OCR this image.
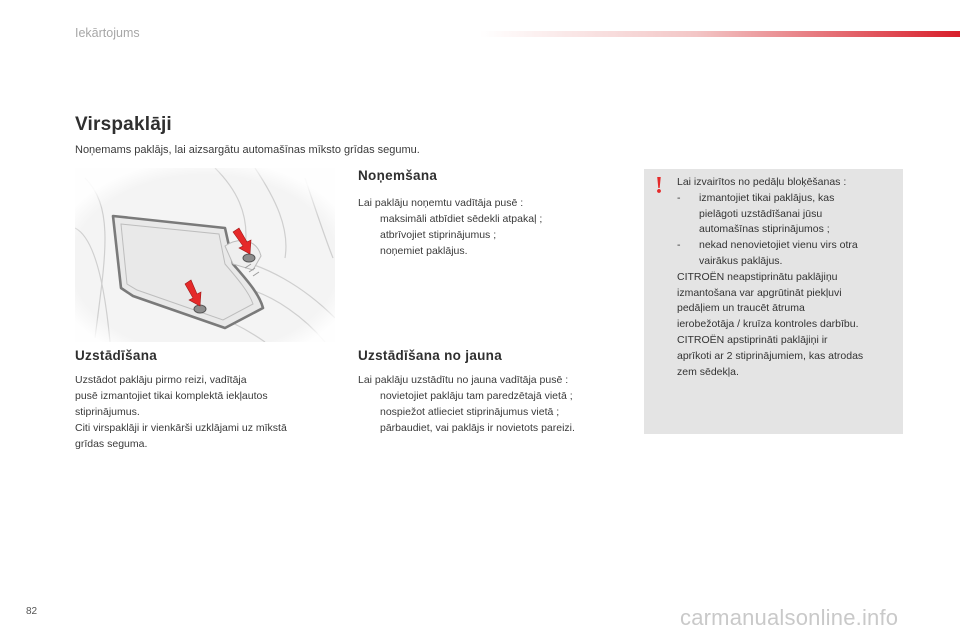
Iekārtojums
Virspaklāji
Noņemams paklājs, lai aizsargātu automašīnas mīksto grīdas segumu.
Noņemšana
Lai paklāju noņemtu vadītāja pusē :
maksimāli atbīdiet sēdekli atpakaļ ;
atbrīvojiet stiprinājumus ;
noņemiet paklājus.
Uzstādīšana
Uzstādot paklāju pirmo reizi, vadītāja
pusē izmantojiet tikai komplektā iekļautos
stiprinājumus.
Citi virspaklāji ir vienkārši uzklājami uz mīkstā
grīdas seguma.
Uzstādīšana no jauna
Lai paklāju uzstādītu no jauna vadītāja pusē :
novietojiet paklāju tam paredzētajā vietā ;
nospiežot atlieciet stiprinājumus vietā ;
pārbaudiet, vai paklājs ir novietots pareizi.
! Lai izvairītos no pedāļu bloķēšanas :
- izmantojiet tikai paklājus, kas
pielāgoti uzstādīšanai jūsu
automašīnas stiprinājumos ;
- nekad nenovietojiet vienu virs otra
vairākus paklājus.
CITROËN neapstiprinātu paklājiņu
izmantošana var apgrūtināt piekļuvi
pedāļiem un traucēt ātruma
ierobežotāja / kruīza kontroles darbību.
CITROËN apstiprināti paklājiņi ir
aprīkoti ar 2 stiprinājumiem, kas atrodas
zem sēdekļa.
82	carmanualsonline.info
